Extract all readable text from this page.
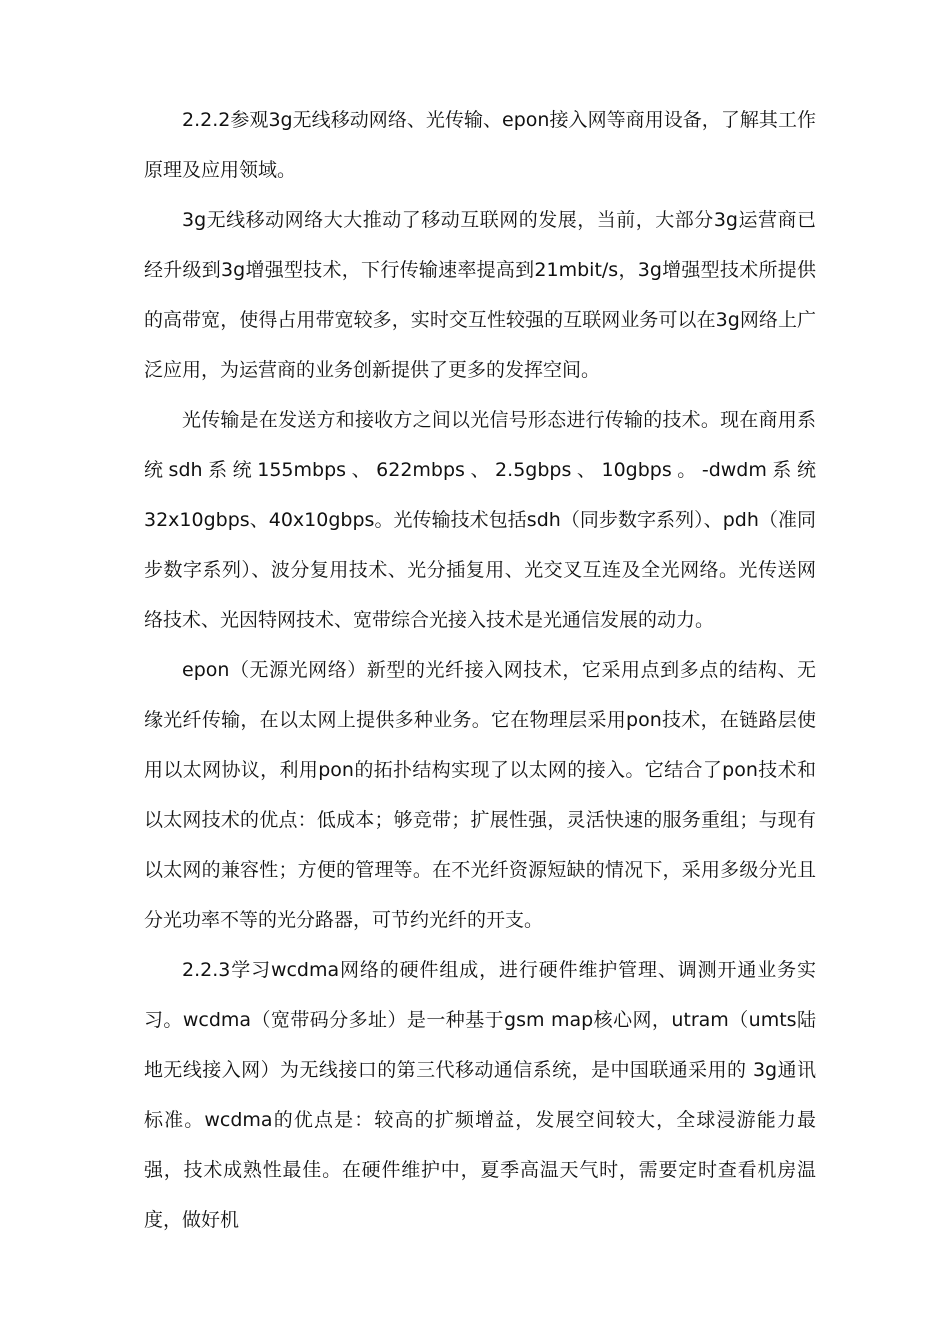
2.2.2参观3g无线移动网络、光传输、epon接入网等商用设备，了解其工作原理及应用领域。

3g无线移动网络大大推动了移动互联网的发展，当前，大部分3g运营商已经升级到3g增强型技术，下行传输速率提高到21mbit/s，3g增强型技术所提供的高带宽，使得占用带宽较多，实时交互性较强的互联网业务可以在3g网络上广泛应用，为运营商的业务创新提供了更多的发挥空间。

光传输是在发送方和接收方之间以光信号形态进行传输的技术。现在商用系统sdh系统155mbps、622mbps、2.5gbps、10gbps。-dwdm系统32x10gbps、40x10gbps。光传输技术包括sdh（同步数字系列）、pdh（准同步数字系列）、波分复用技术、光分插复用、光交叉互连及全光网络。光传送网络技术、光因特网技术、宽带综合光接入技术是光通信发展的动力。

epon（无源光网络）新型的光纤接入网技术，它采用点到多点的结构、无缘光纤传输，在以太网上提供多种业务。它在物理层采用pon技术，在链路层使用以太网协议，利用pon的拓扑结构实现了以太网的接入。它结合了pon技术和以太网技术的优点：低成本；够竞带；扩展性强，灵活快速的服务重组；与现有以太网的兼容性；方便的管理等。在不光纤资源短缺的情况下，采用多级分光且分光功率不等的光分路器，可节约光纤的开支。

2.2.3学习wcdma网络的硬件组成，进行硬件维护管理、调测开通业务实习。wcdma（宽带码分多址）是一种基于gsm map核心网，utram（umts陆地无线接入网）为无线接口的第三代移动通信系统，是中国联通采用的 3g通讯标准。wcdma的优点是：较高的扩频增益，发展空间较大，全球浸游能力最强，技术成熟性最佳。在硬件维护中，夏季高温天气时，需要定时查看机房温度，做好机
